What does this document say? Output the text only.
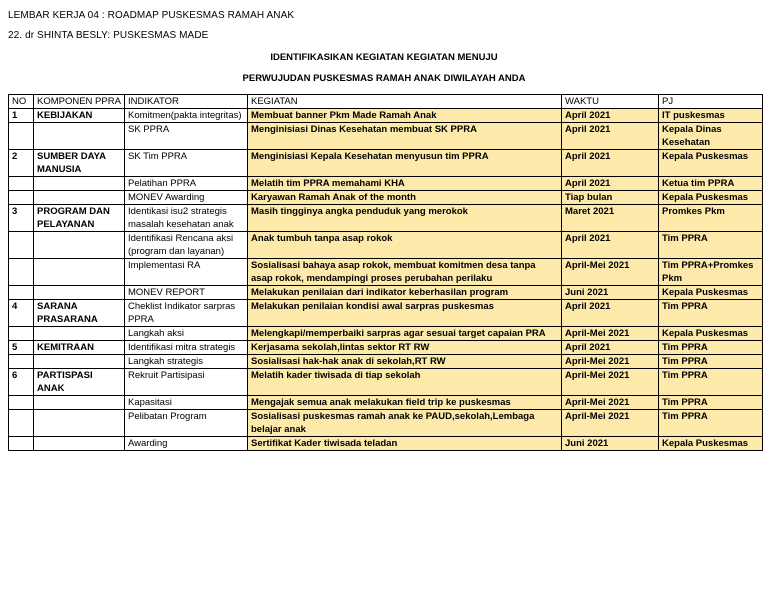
LEMBAR KERJA 04 : ROADMAP PUSKESMAS RAMAH ANAK
22. dr SHINTA BESLY: PUSKESMAS MADE
IDENTIFIKASIKAN KEGIATAN KEGIATAN MENUJU
PERWUJUDAN PUSKESMAS RAMAH ANAK DIWILAYAH ANDA
NO	KOMPONEN PPRA	INDIKATOR	KEGIATAN	WAKTU	PJ
1	KEBIJAKAN	Komitmen(pakta integritas)	Membuat banner Pkm Made Ramah Anak	April 2021	IT puskesmas
		SK PPRA	Menginisiasi Dinas Kesehatan membuat SK PPRA	April 2021	Kepala Dinas Kesehatan
2	SUMBER DAYA MANUSIA	SK Tim PPRA	Menginisiasi Kepala Kesehatan menyusun tim PPRA	April 2021	Kepala Puskesmas
		Pelatihan PPRA	Melatih tim PPRA memahami KHA	April 2021	Ketua tim PPRA
		MONEV Awarding	Karyawan Ramah Anak of the month	Tiap bulan	Kepala Puskesmas
3	PROGRAM DAN PELAYANAN	Identikasi isu2 strategis masalah kesehatan anak	Masih tingginya angka penduduk yang merokok	Maret 2021	Promkes Pkm
		Identifikasi Rencana aksi (program dan layanan)	Anak tumbuh tanpa asap rokok	April 2021	Tim PPRA
		Implementasi RA	Sosialisasi bahaya asap rokok, membuat komitmen desa tanpa asap rokok, mendampingi proses perubahan perilaku	April-Mei 2021	Tim PPRA+Promkes Pkm
		MONEV REPORT	Melakukan penilaian dari indikator keberhasilan program	Juni 2021	Kepala Puskesmas
4	SARANA PRASARANA	Cheklist Indikator sarpras PPRA	Melakukan penilaian kondisi awal sarpras puskesmas	April 2021	Tim PPRA
		Langkah aksi	Melengkapi/memperbaiki sarpras agar sesuai target capaian PRA	April-Mei 2021	Kepala Puskesmas
5	KEMITRAAN	Identifikasi mitra strategis	Kerjasama sekolah,lintas sektor RT RW	April 2021	Tim PPRA
		Langkah strategis	Sosialisasi hak-hak anak di sekolah,RT RW	April-Mei 2021	Tim PPRA
6	PARTISPASI ANAK	Rekruit Partisipasi	Melatih kader tiwisada di tiap sekolah	April-Mei 2021	Tim PPRA
		Kapasitasi	Mengajak semua anak melakukan field trip ke puskesmas	April-Mei 2021	Tim PPRA
		Pelibatan Program	Sosialisasi puskesmas ramah anak ke PAUD,sekolah,Lembaga belajar anak	April-Mei 2021	Tim PPRA
		Awarding	Sertifikat Kader tiwisada teladan	Juni 2021	Kepala Puskesmas
